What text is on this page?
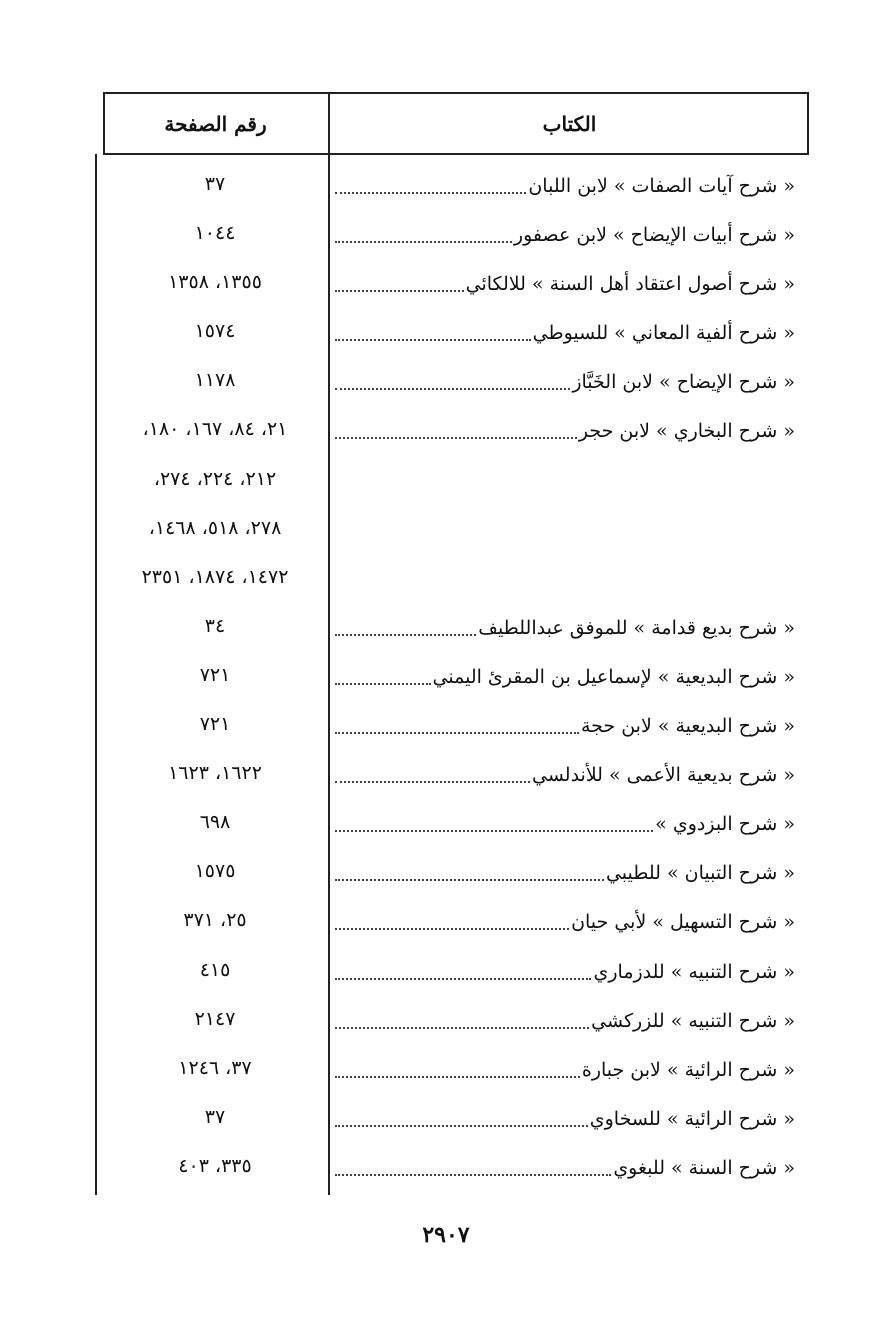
الكتاب
رقم الصفحة
« شرح آيات الصفات » لابن اللبان
٣٧
« شرح أبيات الإيضاح » لابن عصفور
١٠٤٤
« شرح أصول اعتقاد أهل السنة » للالكائي
١٣٥٥، ١٣٥٨
« شرح ألفية المعاني » للسيوطي
١٥٧٤
« شرح الإيضاح » لابن الخَبَّاز
١١٧٨
« شرح البخاري » لابن حجر
٢١، ٨٤، ١٦٧، ١٨٠،
٢١٢، ٢٢٤، ٢٧٤،
٢٧٨، ٥١٨، ١٤٦٨،
١٤٧٢، ١٨٧٤، ٢٣٥١
« شرح بديع قدامة » للموفق عبداللطيف
٣٤
« شرح البديعية » لإسماعيل بن المقرئ اليمني
٧٢١
« شرح البديعية » لابن حجة
٧٢١
« شرح بديعية الأعمى » للأندلسي
١٦٢٢، ١٦٢٣
« شرح البزدوي »
٦٩٨
« شرح التبيان » للطيبي
١٥٧٥
« شرح التسهيل » لأبي حيان
٢٥، ٣٧١
« شرح التنبيه » للدزماري
٤١٥
« شرح التنبيه » للزركشي
٢١٤٧
« شرح الرائية » لابن جبارة
٣٧، ١٢٤٦
« شرح الرائية » للسخاوي
٣٧
« شرح السنة » للبغوي
٣٣٥، ٤٠٣
٢٩٠٧
